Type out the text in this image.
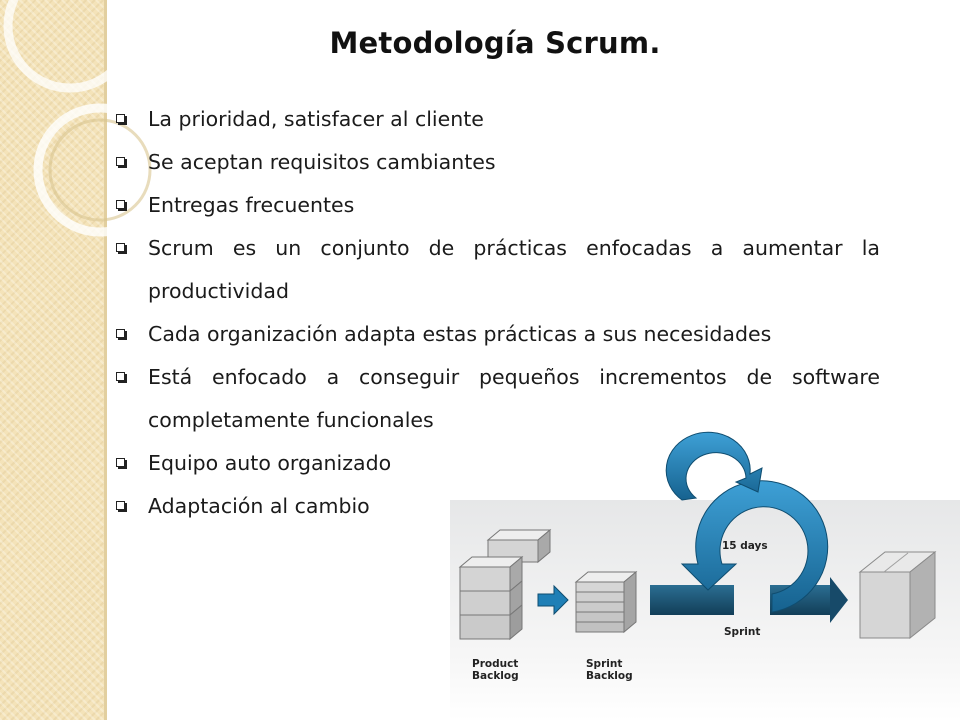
Metodología Scrum.
La prioridad, satisfacer al cliente
Se aceptan requisitos cambiantes
Entregas frecuentes
Scrum es un conjunto de prácticas enfocadas a aumentar la productividad
Cada organización adapta estas prácticas a sus necesidades
Está enfocado a conseguir pequeños incrementos de software completamente funcionales
Equipo auto organizado
Adaptación al cambio
24 hrs
15 days
Sprint
Product
Backlog
Sprint
Backlog
